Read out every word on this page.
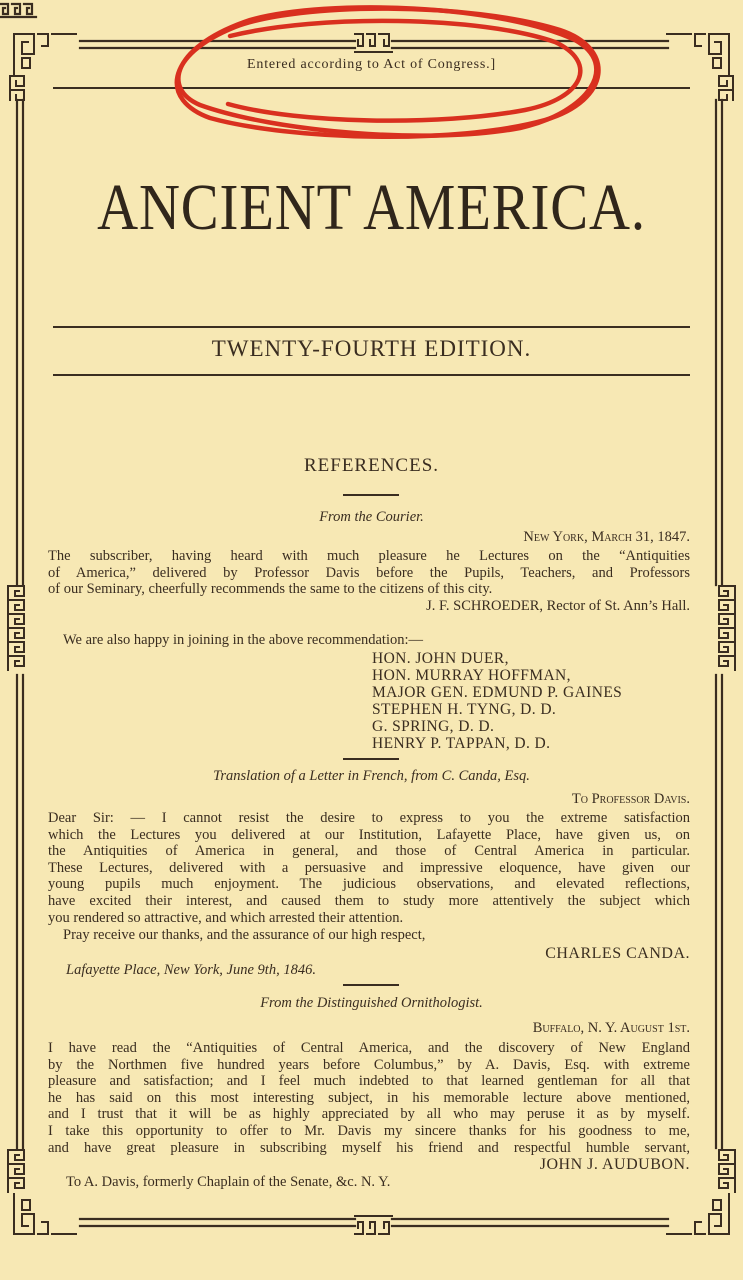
Entered according to Act of Congress.]
ANCIENT AMERICA.
TWENTY-FOURTH EDITION.
REFERENCES.
From the Courier.
New York, March 31, 1847.
The subscriber, having heard with much pleasure he Lectures on the “Antiquities
of America,” delivered by Professor Davis before the Pupils, Teachers, and Professors
of our Seminary, cheerfully recommends the same to the citizens of this city.
J. F. SCHROEDER, Rector of St. Ann’s Hall.
We are also happy in joining in the above recommendation:—
HON. JOHN DUER,
HON. MURRAY HOFFMAN,
MAJOR GEN. EDMUND P. GAINES
STEPHEN H. TYNG, D. D.
G. SPRING, D. D.
HENRY P. TAPPAN, D. D.
Translation of a Letter in French, from C. Canda, Esq.
To Professor Davis.
Dear Sir: — I cannot resist the desire to express to you the extreme satisfaction
which the Lectures you delivered at our Institution, Lafayette Place, have given us, on
the Antiquities of America in general, and those of Central America in particular.
These Lectures, delivered with a persuasive and impressive eloquence, have given our
young pupils much enjoyment. The judicious observations, and elevated reflections,
have excited their interest, and caused them to study more attentively the subject which
you rendered so attractive, and which arrested their attention.
Pray receive our thanks, and the assurance of our high respect,
CHARLES CANDA.
Lafayette Place, New York, June 9th, 1846.
From the Distinguished Ornithologist.
Buffalo, N. Y. August 1st.
I have read the “Antiquities of Central America, and the discovery of New England
by the Northmen five hundred years before Columbus,” by A. Davis, Esq. with extreme
pleasure and satisfaction; and I feel much indebted to that learned gentleman for all that
he has said on this most interesting subject, in his memorable lecture above mentioned,
and I trust that it will be as highly appreciated by all who may peruse it as by myself.
I take this opportunity to offer to Mr. Davis my sincere thanks for his goodness to me,
and have great pleasure in subscribing myself his friend and respectful humble servant,
JOHN J. AUDUBON.
To A. Davis, formerly Chaplain of the Senate, &c. N. Y.
